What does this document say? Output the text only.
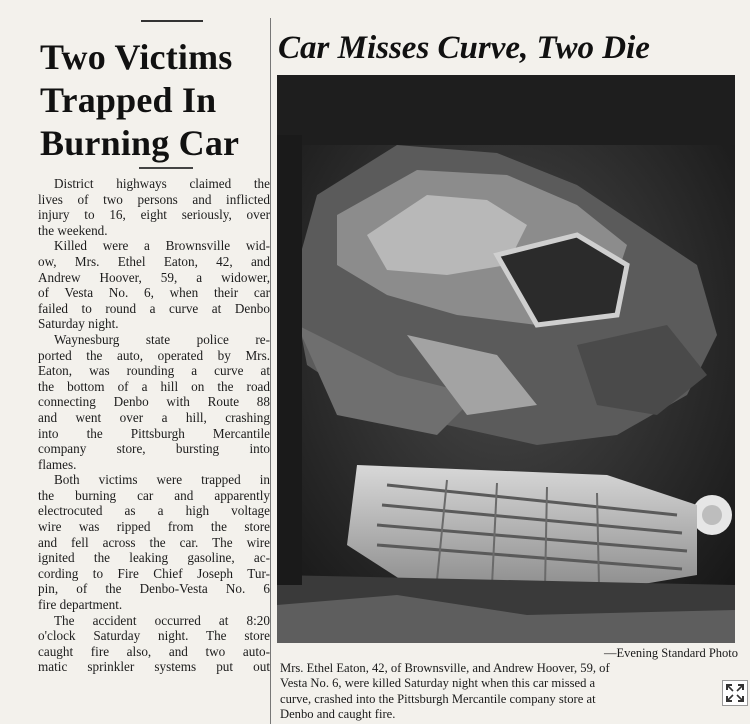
Two Victims
Trapped In
Burning Car
District highways claimed the
lives of two persons and inflicted
injury to 16, eight seriously, over
the weekend.
Killed were a Brownsville wid-
ow, Mrs. Ethel Eaton, 42, and
Andrew Hoover, 59, a widower,
of Vesta No. 6, when their car
failed to round a curve at Denbo
Saturday night.
Waynesburg state police re-
ported the auto, operated by Mrs.
Eaton, was rounding a curve at
the bottom of a hill on the road
connecting Denbo with Route 88
and went over a hill, crashing
into the Pittsburgh Mercantile
company store, bursting into
flames.
Both victims were trapped in
the burning car and apparently
electrocuted as a high voltage
wire was ripped from the store
and fell across the car. The wire
ignited the leaking gasoline, ac-
cording to Fire Chief Joseph Tur-
pin, of the Denbo-Vesta No. 6
fire department.
The accident occurred at 8:20
o'clock Saturday night. The store
caught fire also, and two auto-
matic sprinkler systems put out
Car Misses Curve, Two Die
—Evening Standard Photo
Mrs. Ethel Eaton, 42, of Brownsville, and Andrew Hoover, 59, of
Vesta No. 6, were killed Saturday night when this car missed a
curve, crashed into the Pittsburgh Mercantile company store at
Denbo and caught fire.
